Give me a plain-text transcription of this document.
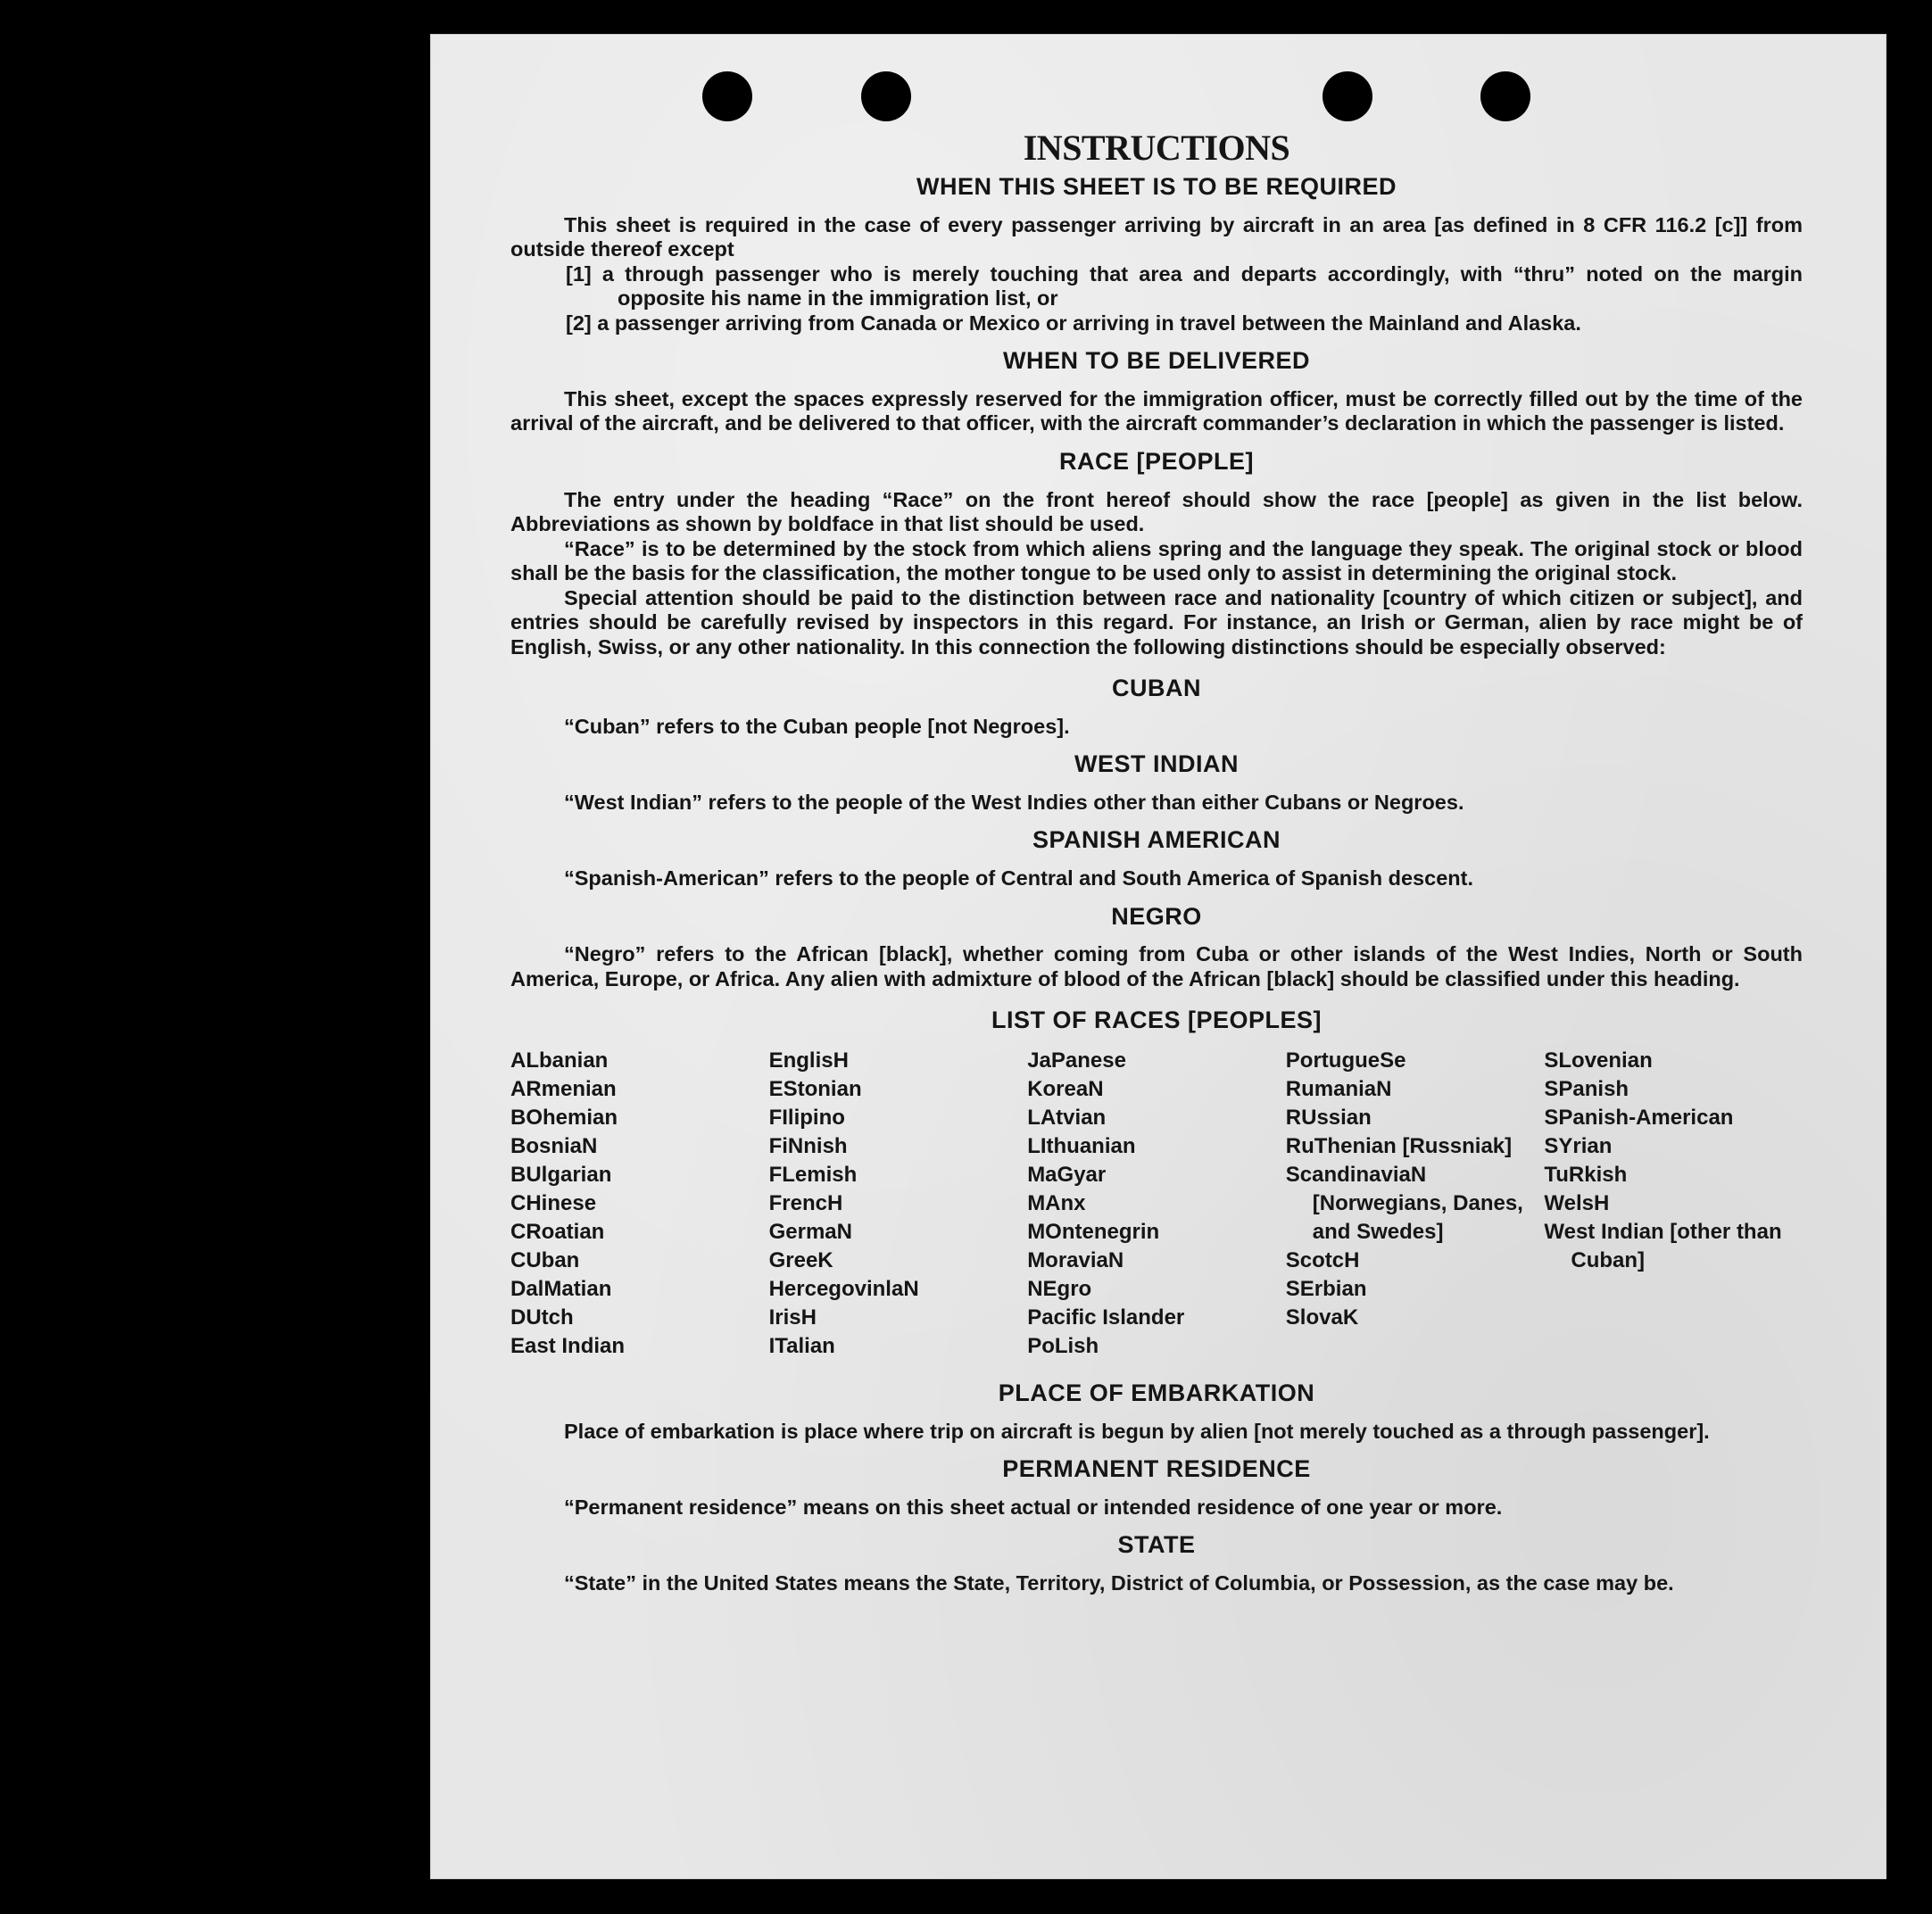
INSTRUCTIONS
WHEN THIS SHEET IS TO BE REQUIRED

This sheet is required in the case of every passenger arriving by aircraft in an area [as defined in 8 CFR 116.2 [c]] from outside thereof except

[1] a through passenger who is merely touching that area and departs accordingly, with “thru” noted on the margin opposite his name in the immigration list, or

[2] a passenger arriving from Canada or Mexico or arriving in travel between the Mainland and Alaska.

WHEN TO BE DELIVERED

This sheet, except the spaces expressly reserved for the immigration officer, must be correctly filled out by the time of the arrival of the aircraft, and be delivered to that officer, with the aircraft commander’s declaration in which the passenger is listed.

RACE [PEOPLE]

The entry under the heading “Race” on the front hereof should show the race [people] as given in the list below. Abbreviations as shown by boldface in that list should be used.

“Race” is to be determined by the stock from which aliens spring and the language they speak. The original stock or blood shall be the basis for the classification, the mother tongue to be used only to assist in determining the original stock.

Special attention should be paid to the distinction between race and nationality [country of which citizen or subject], and entries should be carefully revised by inspectors in this regard. For instance, an Irish or German, alien by race might be of English, Swiss, or any other nationality. In this connection the following distinctions should be especially observed:

CUBAN

“Cuban” refers to the Cuban people [not Negroes].

WEST INDIAN

“West Indian” refers to the people of the West Indies other than either Cubans or Negroes.

SPANISH AMERICAN

“Spanish-American” refers to the people of Central and South America of Spanish descent.

NEGRO

“Negro” refers to the African [black], whether coming from Cuba or other islands of the West Indies, North or South America, Europe, or Africa. Any alien with admixture of blood of the African [black] should be classified under this heading.

LIST OF RACES [PEOPLES]
ALbanian
ARmenian
BOhemian
BosniaN
BUlgarian
CHinese
CRoatian
CUban
DalMatian
DUtch
East Indian
EnglisH
EStonian
FIlipino
FiNnish
FLemish
FrencH
GermaN
GreeK
HercegovinlaN
IrisH
ITalian
JaPanese
KoreaN
LAtvian
LIthuanian
MaGyar
MAnx
MOntenegrin
MoraviaN
NEgro
Pacific Islander
PoLish
PortugueSe
RumaniaN
RUssian
RuThenian [Russniak]
ScandinaviaN [Norwegians, Danes, and Swedes]
ScotcH
SErbian
SlovaK
SLovenian
SPanish
SPanish-American
SYrian
TuRkish
WelsH
West Indian [other than Cuban]
PLACE OF EMBARKATION

Place of embarkation is place where trip on aircraft is begun by alien [not merely touched as a through passenger].

PERMANENT RESIDENCE

“Permanent residence” means on this sheet actual or intended residence of one year or more.

STATE

“State” in the United States means the State, Territory, District of Columbia, or Possession, as the case may be.
